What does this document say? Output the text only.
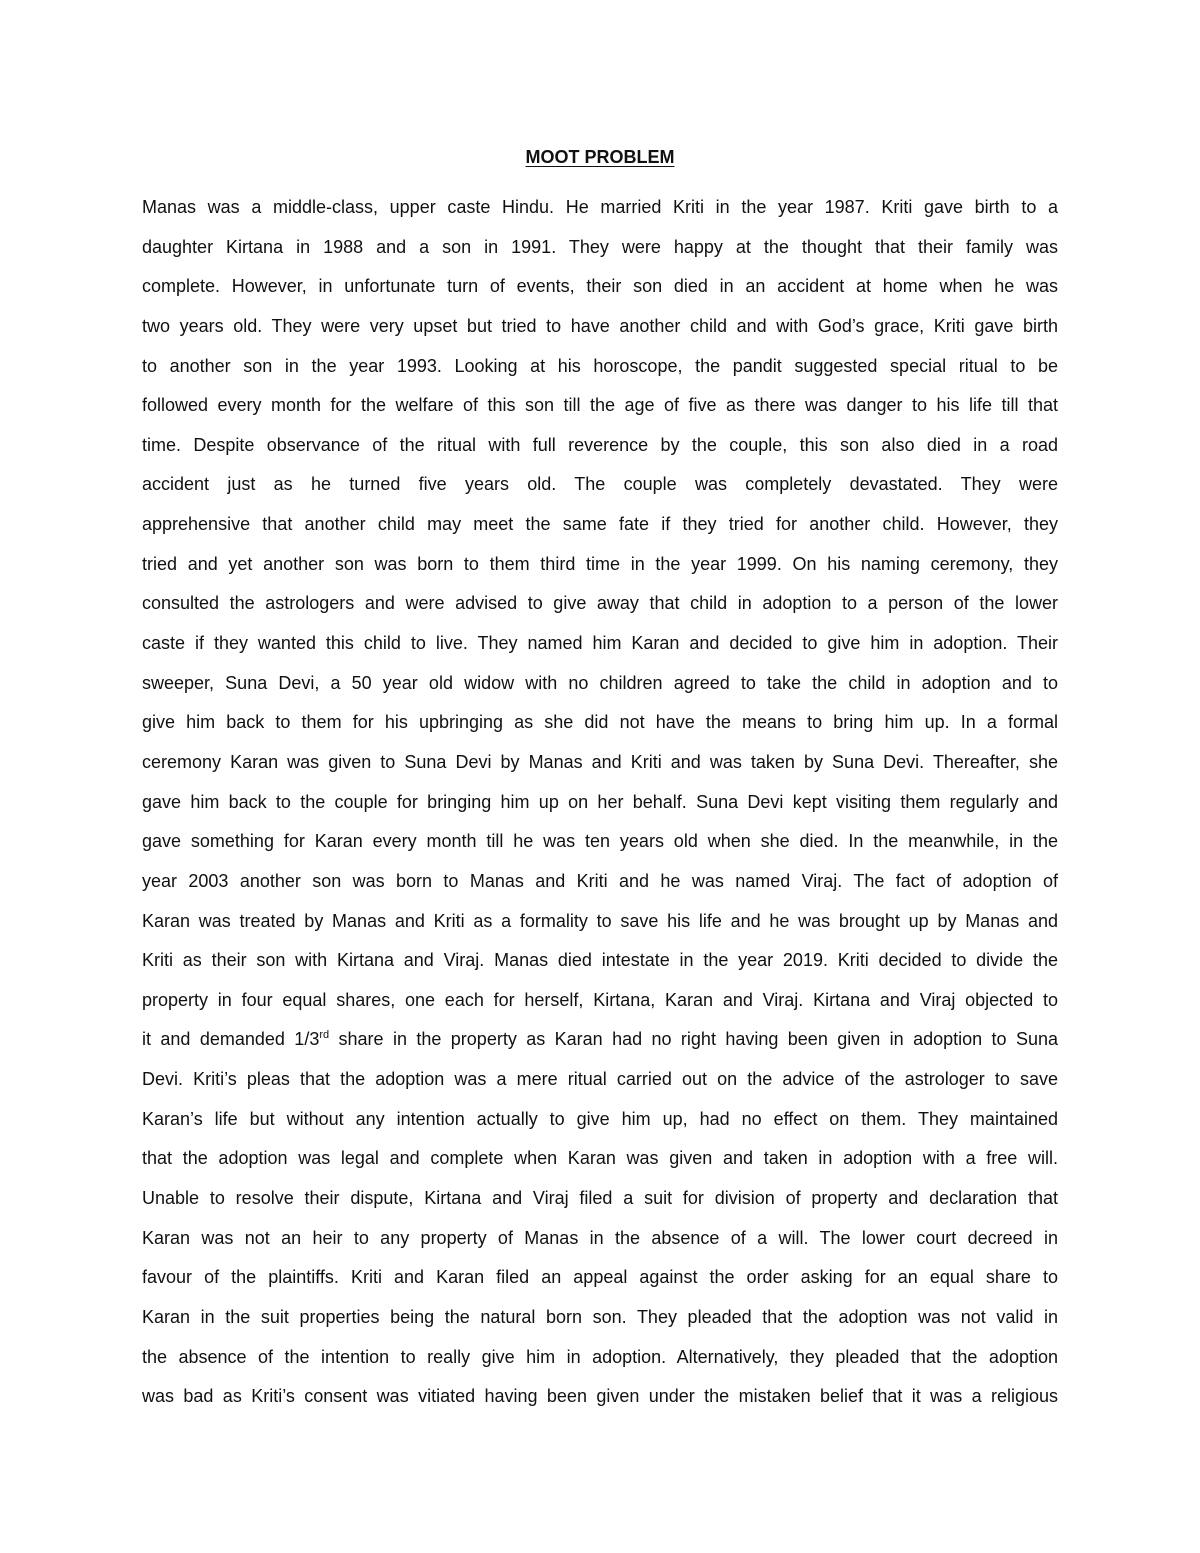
MOOT PROBLEM
Manas was a middle-class, upper caste Hindu. He married Kriti in the year 1987. Kriti gave birth to a
daughter Kirtana in 1988 and a son in 1991. They were happy at the thought that their family was
complete. However, in unfortunate turn of events, their son died in an accident at home when he was
two years old. They were very upset but tried to have another child and with God’s grace, Kriti gave birth
to another son in the year 1993. Looking at his horoscope, the pandit suggested special ritual to be
followed every month for the welfare of this son till the age of five as there was danger to his life till that
time. Despite observance of the ritual with full reverence by the couple, this son also died in a road
accident just as he turned five years old. The couple was completely devastated. They were
apprehensive that another child may meet the same fate if they tried for another child. However, they
tried and yet another son was born to them third time in the year 1999. On his naming ceremony, they
consulted the astrologers and were advised to give away that child in adoption to a person of the lower
caste if they wanted this child to live. They named him Karan and decided to give him in adoption. Their
sweeper, Suna Devi, a 50 year old widow with no children agreed to take the child in adoption and to
give him back to them for his upbringing as she did not have the means to bring him up. In a formal
ceremony Karan was given to Suna Devi by Manas and Kriti and was taken by Suna Devi. Thereafter, she
gave him back to the couple for bringing him up on her behalf. Suna Devi kept visiting them regularly and
gave something for Karan every month till he was ten years old when she died. In the meanwhile, in the
year 2003 another son was born to Manas and Kriti and he was named Viraj. The fact of adoption of
Karan was treated by Manas and Kriti as a formality to save his life and he was brought up by Manas and
Kriti as their son with Kirtana and Viraj. Manas died intestate in the year 2019. Kriti decided to divide the
property in four equal shares, one each for herself, Kirtana, Karan and Viraj. Kirtana and Viraj objected to
it and demanded 1/3rd share in the property as Karan had no right having been given in adoption to Suna
Devi. Kriti’s pleas that the adoption was a mere ritual carried out on the advice of the astrologer to save
Karan’s life but without any intention actually to give him up, had no effect on them. They maintained
that the adoption was legal and complete when Karan was given and taken in adoption with a free will.
Unable to resolve their dispute, Kirtana and Viraj filed a suit for division of property and declaration that
Karan was not an heir to any property of Manas in the absence of a will. The lower court decreed in
favour of the plaintiffs. Kriti and Karan filed an appeal against the order asking for an equal share to
Karan in the suit properties being the natural born son. They pleaded that the adoption was not valid in
the absence of the intention to really give him in adoption. Alternatively, they pleaded that the adoption
was bad as Kriti’s consent was vitiated having been given under the mistaken belief that it was a religious
